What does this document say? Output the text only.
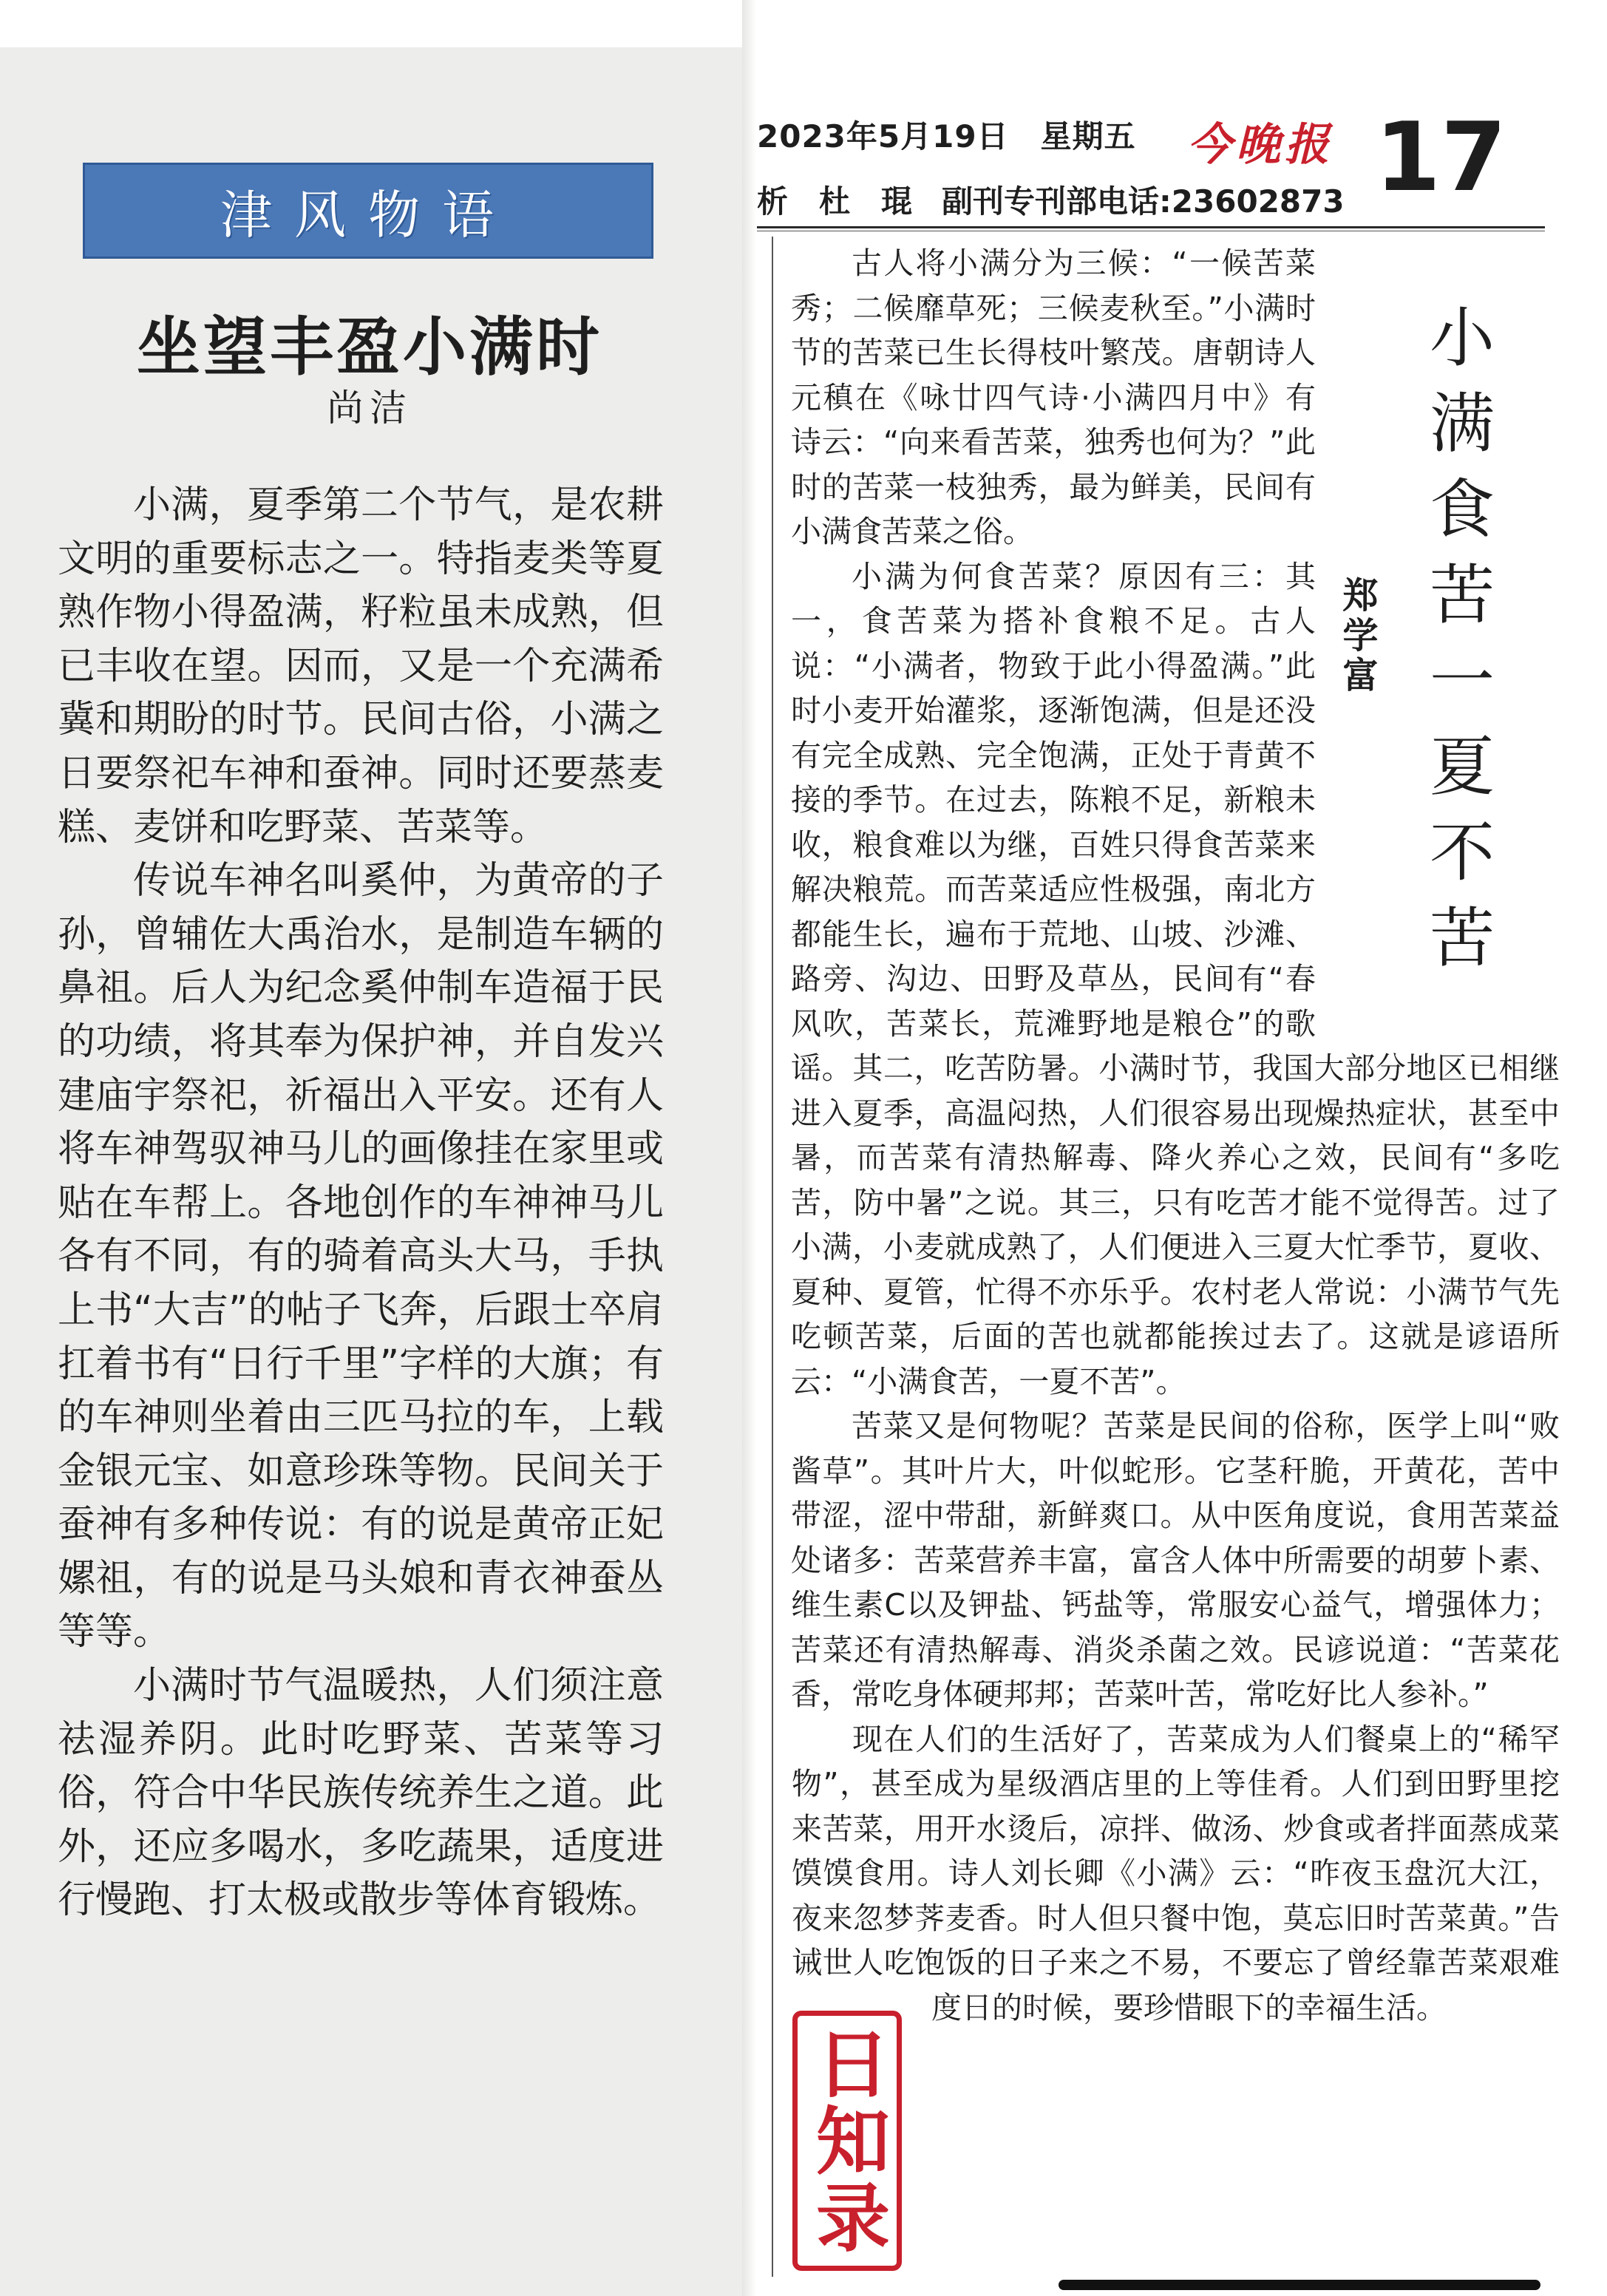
津风物语
坐望丰盈小满时
尚洁

小满，夏季第二个节气，是农耕文明的重要标志之一。特指麦类等夏熟作物小得盈满，籽粒虽未成熟，但已丰收在望。因而，又是一个充满希冀和期盼的时节。民间古俗，小满之日要祭祀车神和蚕神。同时还要蒸麦糕、麦饼和吃野菜、苦菜等。

传说车神名叫奚仲，为黄帝的子孙，曾辅佐大禹治水，是制造车辆的鼻祖。后人为纪念奚仲制车造福于民的功绩，将其奉为保护神，并自发兴建庙宇祭祀，祈福出入平安。还有人将车神驾驭神马儿的画像挂在家里或贴在车帮上。各地创作的车神神马儿各有不同，有的骑着高头大马，手执上书“大吉”的帖子飞奔，后跟士卒肩扛着书有“日行千里”字样的大旗；有的车神则坐着由三匹马拉的车，上载金银元宝、如意珍珠等物。民间关于蚕神有多种传说：有的说是黄帝正妃嫘祖，有的说是马头娘和青衣神蚕丛等等。

小满时节气温暖热，人们须注意祛湿养阴。此时吃野菜、苦菜等习俗，符合中华民族传统养生之道。此外，还应多喝水，多吃蔬果，适度进行慢跑、打太极或散步等体育锻炼。

2023年5月19日　星期五	今晚报 17
析　杜　琨 副刊专刊部电话:23602873
小满食苦一夏不苦
郑学富

古人将小满分为三候：“一候苦菜秀；二候靡草死；三候麦秋至。”小满时节的苦菜已生长得枝叶繁茂。唐朝诗人元稹在《咏廿四气诗·小满四月中》有诗云：“向来看苦菜，独秀也何为？”此时的苦菜一枝独秀，最为鲜美，民间有小满食苦菜之俗。

小满为何食苦菜？原因有三：其一，食苦菜为搭补食粮不足。古人说：“小满者，物致于此小得盈满。”此时小麦开始灌浆，逐渐饱满，但是还没有完全成熟、完全饱满，正处于青黄不接的季节。在过去，陈粮不足，新粮未收，粮食难以为继，百姓只得食苦菜来解决粮荒。而苦菜适应性极强，南北方都能生长，遍布于荒地、山坡、沙滩、路旁、沟边、田野及草丛，民间有“春风吹，苦菜长，荒滩野地是粮仓”的歌谣。其二，吃苦防暑。小满时节，我国大部分地区已相继进入夏季，高温闷热，人们很容易出现燥热症状，甚至中暑，而苦菜有清热解毒、降火养心之效，民间有“多吃苦，防中暑”之说。其三，只有吃苦才能不觉得苦。过了小满，小麦就成熟了，人们便进入三夏大忙季节，夏收、夏种、夏管，忙得不亦乐乎。农村老人常说：小满节气先吃顿苦菜，后面的苦也就都能挨过去了。这就是谚语所云：“小满食苦，一夏不苦”。

苦菜又是何物呢？苦菜是民间的俗称，医学上叫“败酱草”。其叶片大，叶似蛇形。它茎秆脆，开黄花，苦中带涩，涩中带甜，新鲜爽口。从中医角度说，食用苦菜益处诸多：苦菜营养丰富，富含人体中所需要的胡萝卜素、维生素C以及钾盐、钙盐等，常服安心益气，增强体力；苦菜还有清热解毒、消炎杀菌之效。民谚说道：“苦菜花香，常吃身体硬邦邦；苦菜叶苦，常吃好比人参补。”

现在人们的生活好了，苦菜成为人们餐桌上的“稀罕物”，甚至成为星级酒店里的上等佳肴。人们到田野里挖来苦菜，用开水烫后，凉拌、做汤、炒食或者拌面蒸成菜馍馍食用。诗人刘长卿《小满》云：“昨夜玉盘沉大江，夜来忽梦荠麦香。时人但只餐中饱，莫忘旧时苦菜黄。”告诫世人吃饱饭的日子来之不易，不要忘了曾经靠苦菜艰难度日的时候，要珍惜眼下的幸福生活。

日知录
